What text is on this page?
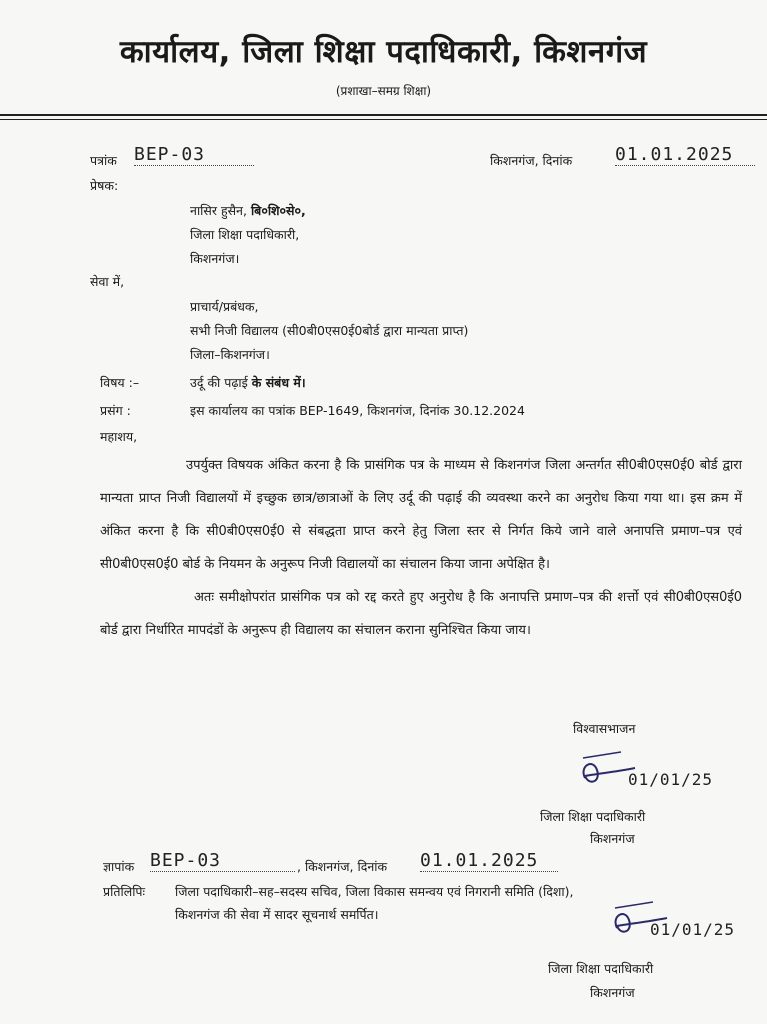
कार्यालय, जिला शिक्षा पदाधिकारी, किशनगंज
(प्रशाखा–समग्र शिक्षा)
पत्रांक BEP-03	किशनगंज, दिनांक 01.01.2025
प्रेषक:
नासिर हुसैन, बि०शि०से०,
जिला शिक्षा पदाधिकारी,
किशनगंज।
सेवा में,
प्राचार्य/प्रबंधक,
सभी निजी विद्यालय (सी0बी0एस0ई0बोर्ड द्वारा मान्यता प्राप्त)
जिला–किशनगंज।
विषय :–	उर्दू की पढ़ाई के संबंध में।
प्रसंग :	इस कार्यालय का पत्रांक BEP-1649, किशनगंज, दिनांक 30.12.2024
महाशय,

उपर्युक्त विषयक अंकित करना है कि प्रासंगिक पत्र के माध्यम से किशनगंज जिला अन्तर्गत सी0बी0एस0ई0 बोर्ड द्वारा मान्यता प्राप्त निजी विद्यालयों में इच्छुक छात्र/छात्राओं के लिए उर्दू की पढ़ाई की व्यवस्था करने का अनुरोध किया गया था। इस क्रम में अंकित करना है कि सी0बी0एस0ई0 से संबद्धता प्राप्त करने हेतु जिला स्तर से निर्गत किये जाने वाले अनापत्ति प्रमाण–पत्र एवं सी0बी0एस0ई0 बोर्ड के नियमन के अनुरूप निजी विद्यालयों का संचालन किया जाना अपेक्षित है।

अतः समीक्षोपरांत प्रासंगिक पत्र को रद्द करते हुए अनुरोध है कि अनापत्ति प्रमाण–पत्र की शर्त्तो एवं सी0बी0एस0ई0 बोर्ड द्वारा निर्धारित मापदंडों के अनुरूप ही विद्यालय का संचालन कराना सुनिश्चित किया जाय।

विश्वासभाजन
01/01/25
जिला शिक्षा पदाधिकारी
किशनगंज
ज्ञापांक BEP-03	, किशनगंज, दिनांक 01.01.2025
प्रतिलिपिः जिला पदाधिकारी–सह–सदस्य सचिव, जिला विकास समन्वय एवं निगरानी समिति (दिशा),
किशनगंज की सेवा में सादर सूचनार्थ समर्पित।
01/01/25
जिला शिक्षा पदाधिकारी
किशनगंज
